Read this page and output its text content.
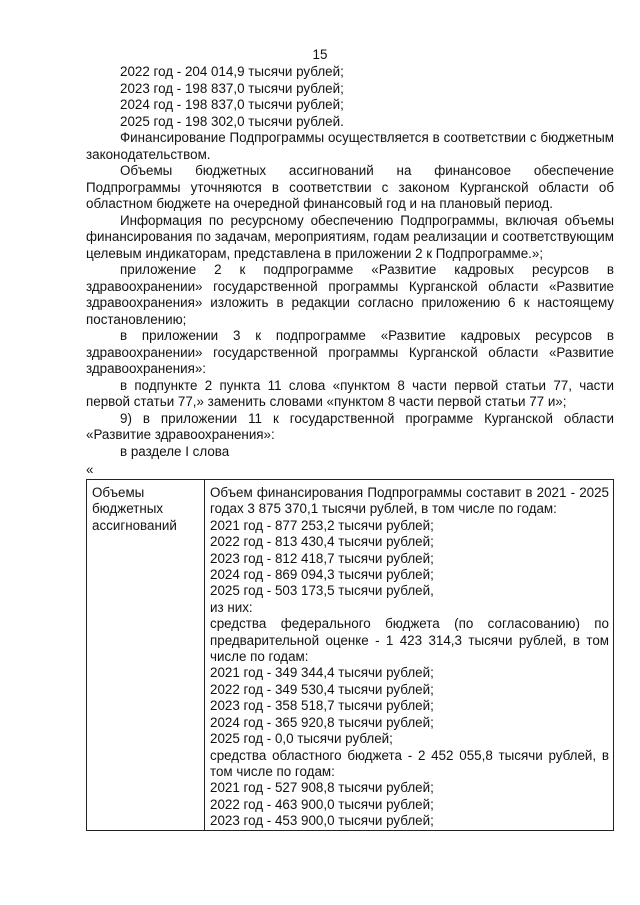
15

2022 год - 204 014,9 тысячи рублей;

2023 год - 198 837,0 тысячи рублей;

2024 год - 198 837,0 тысячи рублей;

2025 год - 198 302,0 тысячи рублей.

Финансирование Подпрограммы осуществляется в соответствии с бюджетным законодательством.

Объемы бюджетных ассигнований на финансовое обеспечение Подпрограммы уточняются в соответствии с законом Курганской области об областном бюджете на очередной финансовый год и на плановый период.

Информация по ресурсному обеспечению Подпрограммы, включая объемы финансирования по задачам, мероприятиям, годам реализации и соответствующим целевым индикаторам, представлена в приложении 2 к Подпрограмме.»;

приложение 2 к подпрограмме «Развитие кадровых ресурсов в здравоохранении» государственной программы Курганской области «Развитие здравоохранения» изложить в редакции согласно приложению 6 к настоящему постановлению;

в приложении 3 к подпрограмме «Развитие кадровых ресурсов в здравоохранении» государственной программы Курганской области «Развитие здравоохранения»:

в подпункте 2 пункта 11 слова «пунктом 8 части первой статьи 77, части первой статьи 77,» заменить словами «пунктом 8 части первой статьи 77 и»;

9) в приложении 11 к государственной программе Курганской области «Развитие здравоохранения»:

в разделе I слова

«
Объемы бюджетных ассигнований	
Объем финансирования Подпрограммы составит в 2021 - 2025 годах 3 875 370,1 тысячи рублей, в том числе по годам:
2021 год - 877 253,2 тысячи рублей;
2022 год - 813 430,4 тысячи рублей;
2023 год - 812 418,7 тысячи рублей;
2024 год - 869 094,3 тысячи рублей;
2025 год - 503 173,5 тысячи рублей,
из них:
средства федерального бюджета (по согласованию) по предварительной оценке - 1 423 314,3 тысячи рублей, в том числе по годам:
2021 год - 349 344,4 тысячи рублей;
2022 год - 349 530,4 тысячи рублей;
2023 год - 358 518,7 тысячи рублей;
2024 год - 365 920,8 тысячи рублей;
2025 год - 0,0 тысячи рублей;
средства областного бюджета - 2 452 055,8 тысячи рублей, в том числе по годам:
2021 год - 527 908,8 тысячи рублей;
2022 год - 463 900,0 тысячи рублей;
2023 год - 453 900,0 тысячи рублей;
